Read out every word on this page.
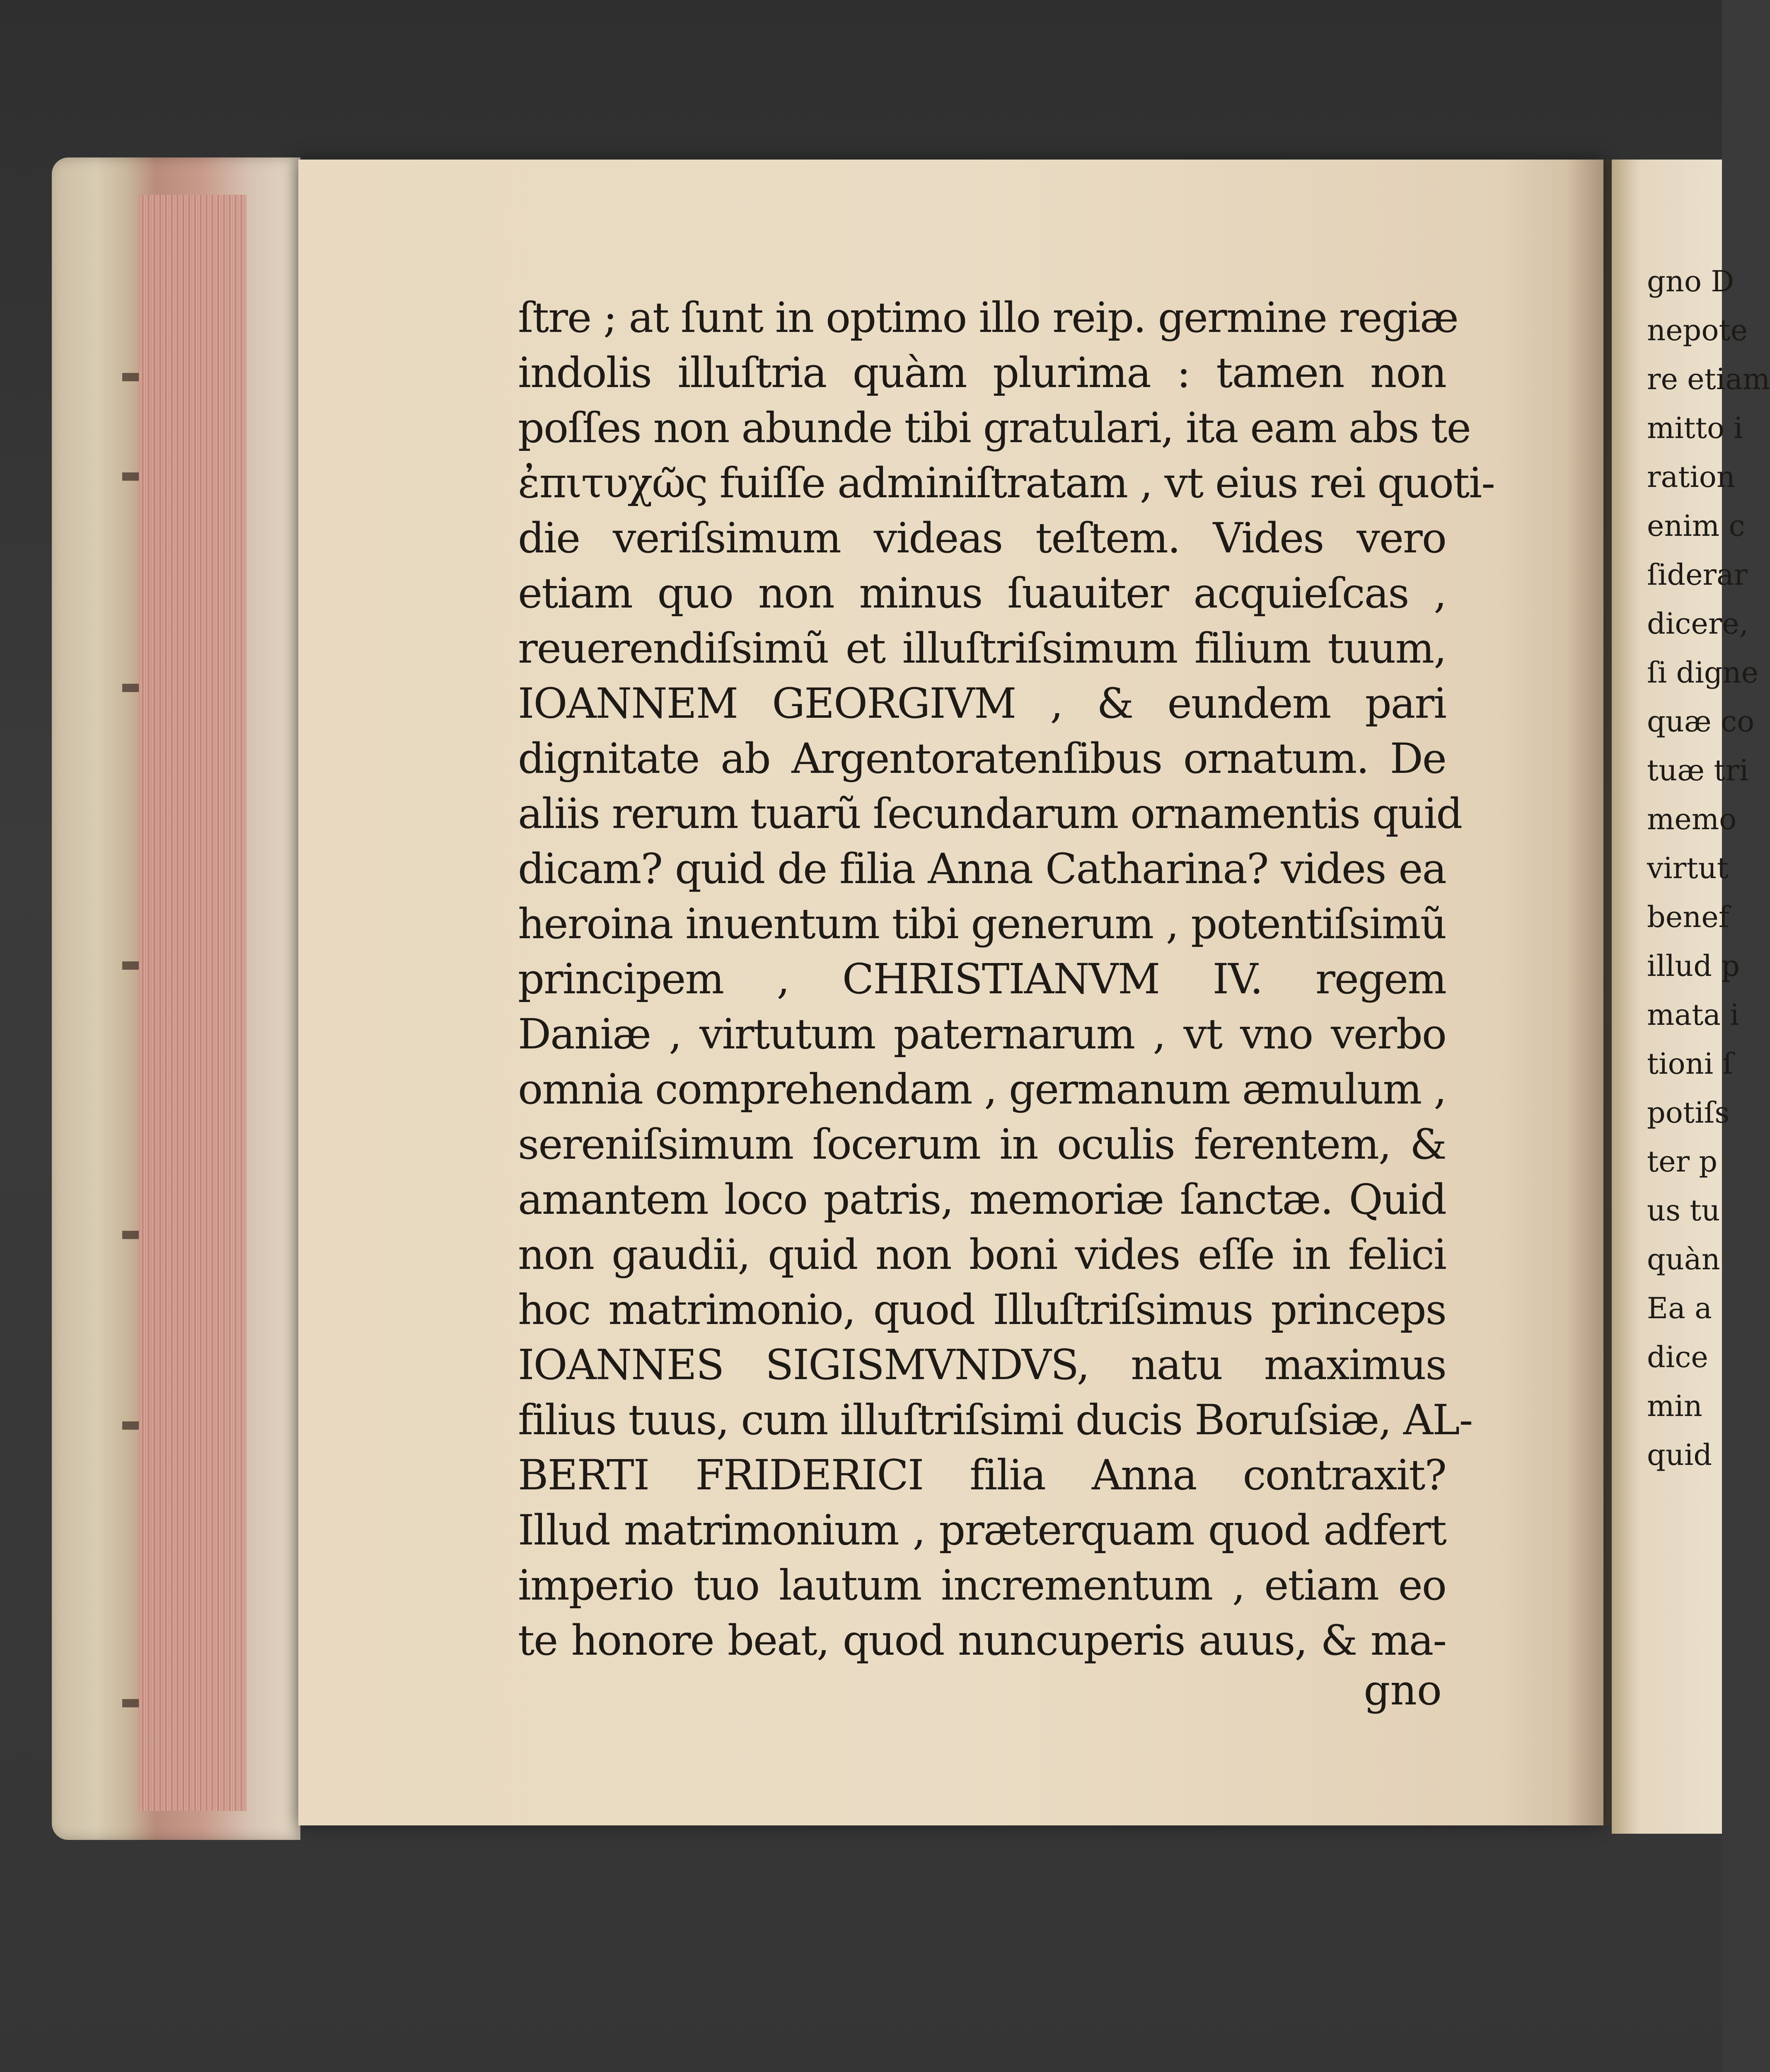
ſtre ; at ſunt in optimo illo reip. germine regiæ
indolis illuſtria quàm plurima : tamen non
poſſes non abunde tibi gratulari, ita eam abs te
ἐπιτυχῶς fuiſſe adminiſtratam , vt eius rei quoti-
die veriſsimum videas teſtem. Vides vero
etiam quo non minus ſuauiter acquieſcas ,
reuerendiſsimũ et illuſtriſsimum filium tuum,
IOANNEM GEORGIVM , & eundem pari
dignitate ab Argentoratenſibus ornatum. De
aliis rerum tuarũ ſecundarum ornamentis quid
dicam? quid de filia Anna Catharina? vides ea
heroina inuentum tibi generum , potentiſsimũ
principem , CHRISTIANVM IV. regem
Daniæ , virtutum paternarum , vt vno verbo
omnia comprehendam , germanum æmulum ,
sereniſsimum ſocerum in oculis ferentem, &
amantem loco patris, memoriæ ſanctæ. Quid
non gaudii, quid non boni vides eſſe in felici
hoc matrimonio, quod Illuſtriſsimus princeps
IOANNES SIGISMVNDVS, natu maximus
filius tuus, cum illuſtriſsimi ducis Boruſsiæ, AL-
BERTI FRIDERICI filia Anna contraxit?
Illud matrimonium , præterquam quod adfert
imperio tuo lautum incrementum , etiam eo
te honore beat, quod nuncuperis auus, & ma-
gno
gno D
nepote
re etiam
mitto i
ration
enim c
ſiderar
dicere,
ſi digne
quæ co
tuæ tri
memo
virtut
benef
illud p
mata i
tioni ſ
potiſs
ter p
us tu
quàn
Ea a
dice
min
quid
